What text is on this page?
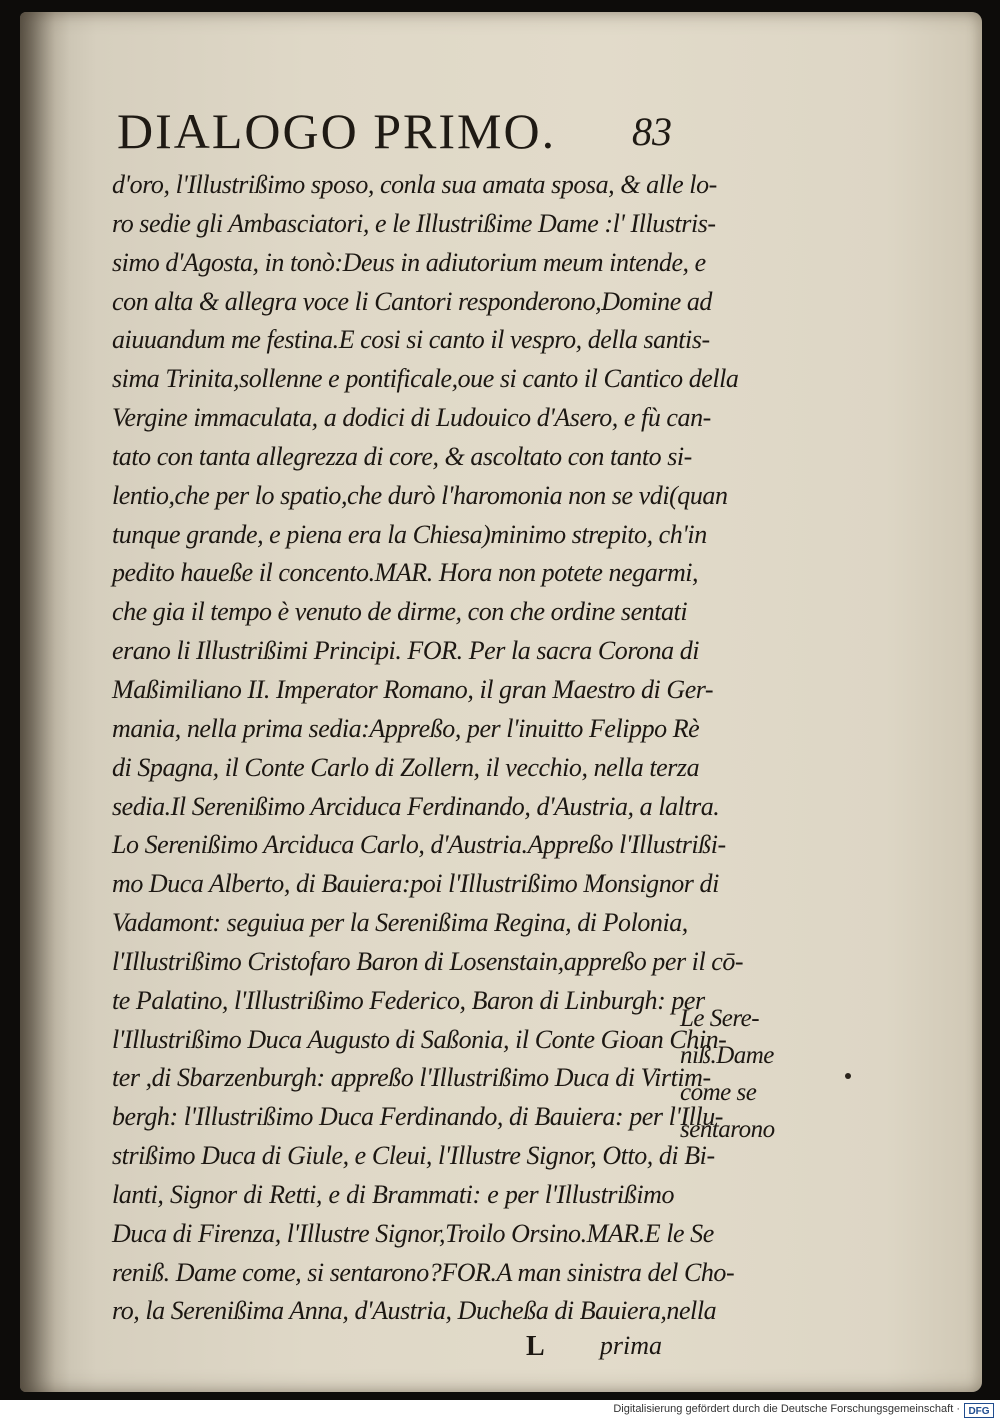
DIALOGO PRIMO. 83
d'oro, l'Illustrißimo sposo, conla sua amata sposa, & alle lo-
ro sedie gli Ambasciatori, e le Illustrißime Dame :l' Illustris-
simo d'Agosta, in tonò:Deus in adiutorium meum intende, e
con alta & allegra voce li Cantori responderono,Domine ad
aiuuandum me festina.E cosi si canto il vespro, della santis-
sima Trinita,sollenne e pontificale,oue si canto il Cantico della
Vergine immaculata, a dodici di Ludouico d'Asero, e fù can-
tato con tanta allegrezza di core, & ascoltato con tanto si-
lentio,che per lo spatio,che durò l'haromonia non se vdi(quan
tunque grande, e piena era la Chiesa)minimo strepito, ch'in
pedito haueße il concento.MAR. Hora non potete negarmi,
che gia il tempo è venuto de dirme, con che ordine sentati
erano li Illustrißimi Principi. FOR. Per la sacra Corona di
Maßimiliano II. Imperator Romano, il gran Maestro di Ger-
mania, nella prima sedia:Appreßo, per l'inuitto Felippo Rè
di Spagna, il Conte Carlo di Zollern, il vecchio, nella terza
sedia.Il Serenißimo Arciduca Ferdinando, d'Austria, a laltra.
Lo Serenißimo Arciduca Carlo, d'Austria.Appreßo l'Illustrißi-
mo Duca Alberto, di Bauiera:poi l'Illustrißimo Monsignor di
Vadamont: seguiua per la Serenißima Regina, di Polonia,
l'Illustrißimo Cristofaro Baron di Losenstain,appreßo per il cō-
te Palatino, l'Illustrißimo Federico, Baron di Linburgh: per
l'Illustrißimo Duca Augusto di Saßonia, il Conte Gioan Chin-
ter ,di Sbarzenburgh: appreßo l'Illustrißimo Duca di Virtim-
bergh: l'Illustrißimo Duca Ferdinando, di Bauiera: per l'Illu-
strißimo Duca di Giule, e Cleui, l'Illustre Signor, Otto, di Bi-
lanti, Signor di Retti, e di Brammati: e per l'Illustrißimo
Duca di Firenza, l'Illustre Signor,Troilo Orsino.MAR.E le Se
reniß. Dame come, si sentarono?FOR.A man sinistra del Cho-
ro, la Serenißima Anna, d'Austria, Ducheßa di Bauiera,nella
L prima
Le Sere-
niß.Dame
come se
sentarono
Digitalisierung gefördert durch die Deutsche Forschungsgemeinschaft · DFG
